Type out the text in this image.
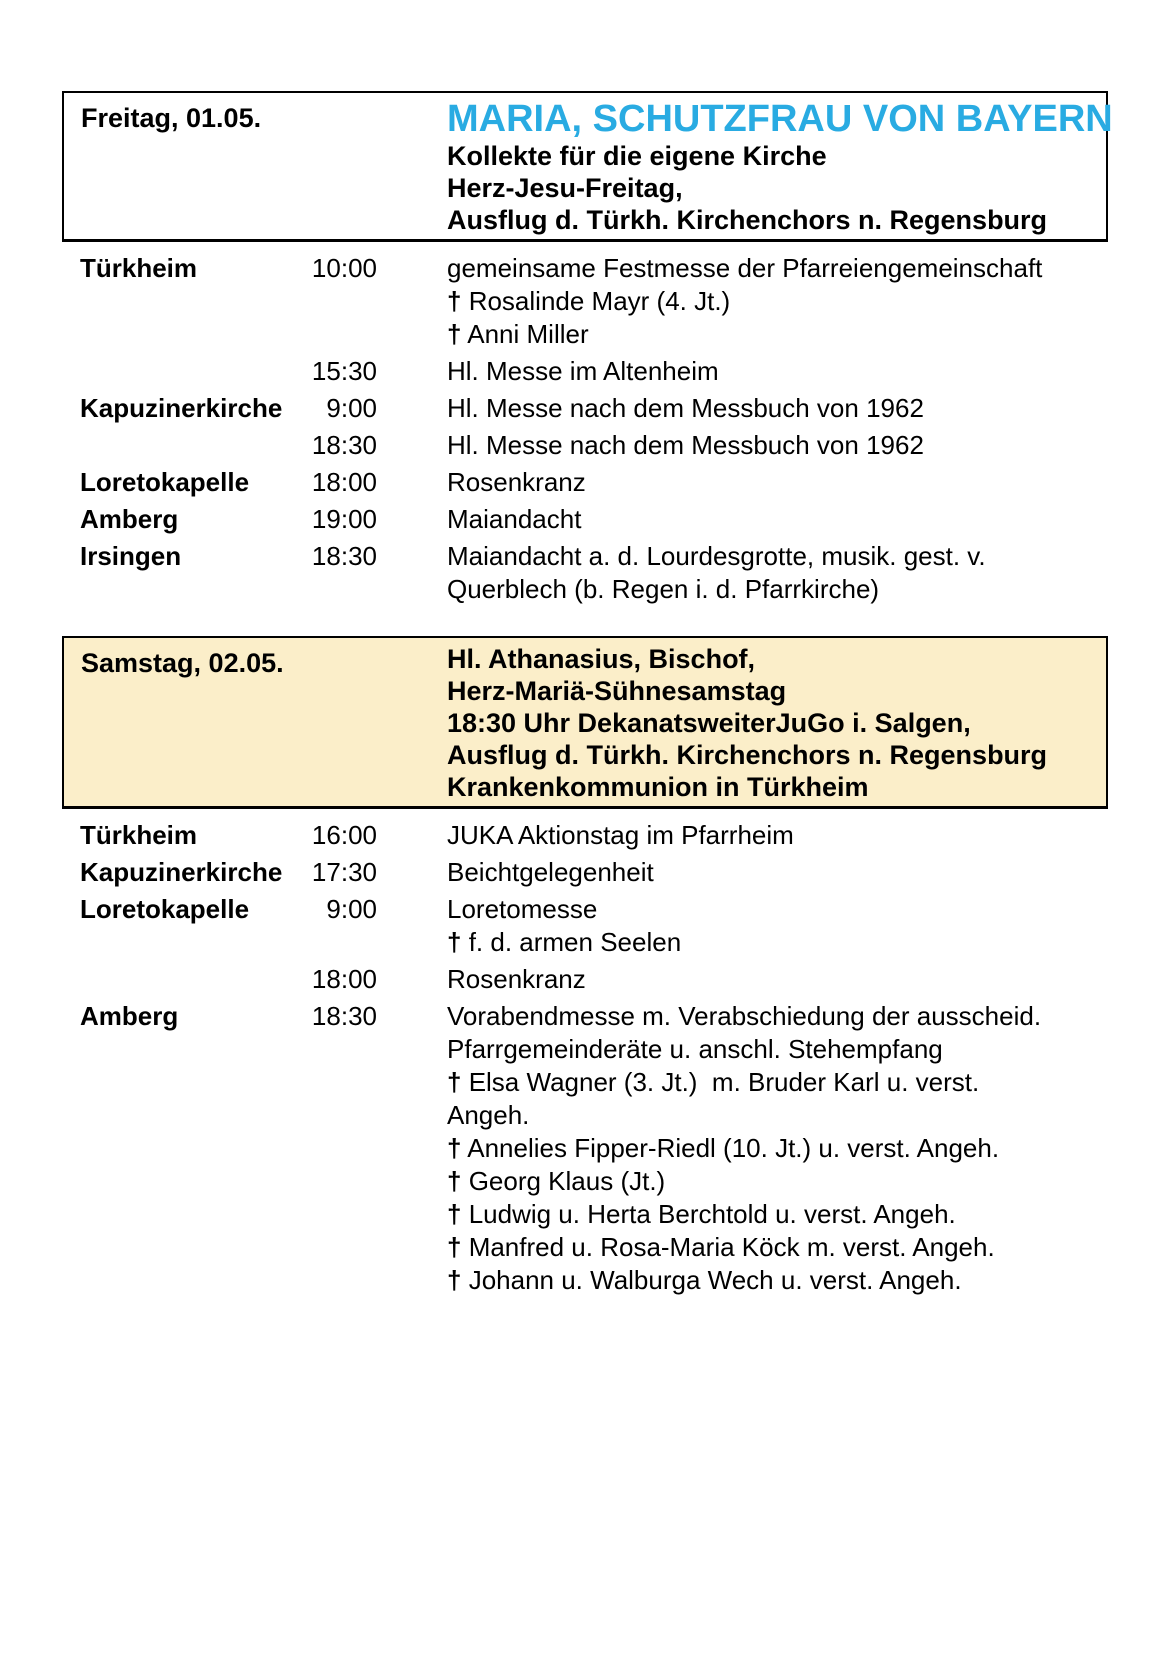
Freitag, 01.05.	MARIA, SCHUTZFRAU VON BAYERN
Kollekte für die eigene Kirche
Herz-Jesu-Freitag,
Ausflug d. Türkh. Kirchenchors n. Regensburg
Türkheim	10:00	gemeinsame Festmesse der Pfarreiengemeinschaft
† Rosalinde Mayr (4. Jt.)
† Anni Miller
15:30	Hl. Messe im Altenheim
Kapuzinerkirche	9:00	Hl. Messe nach dem Messbuch von 1962
18:30	Hl. Messe nach dem Messbuch von 1962
Loretokapelle	18:00	Rosenkranz
Amberg	19:00	Maiandacht
Irsingen	18:30	Maiandacht a. d. Lourdesgrotte, musik. gest. v.
Querblech (b. Regen i. d. Pfarrkirche)
Samstag, 02.05.	Hl. Athanasius, Bischof,
Herz-Mariä-Sühnesamstag
18:30 Uhr DekanatsweiterJuGo i. Salgen,
Ausflug d. Türkh. Kirchenchors n. Regensburg
Krankenkommunion in Türkheim
Türkheim	16:00	JUKA Aktionstag im Pfarrheim
Kapuzinerkirche	17:30	Beichtgelegenheit
Loretokapelle	9:00	Loretomesse
† f. d. armen Seelen
18:00	Rosenkranz
Amberg	18:30	Vorabendmesse m. Verabschiedung der ausscheid.
Pfarrgemeinderäte u. anschl. Stehempfang
† Elsa Wagner (3. Jt.)  m. Bruder Karl u. verst.
Angeh.
† Annelies Fipper-Riedl (10. Jt.) u. verst. Angeh.
† Georg Klaus (Jt.)
† Ludwig u. Herta Berchtold u. verst. Angeh.
† Manfred u. Rosa-Maria Köck m. verst. Angeh.
† Johann u. Walburga Wech u. verst. Angeh.
